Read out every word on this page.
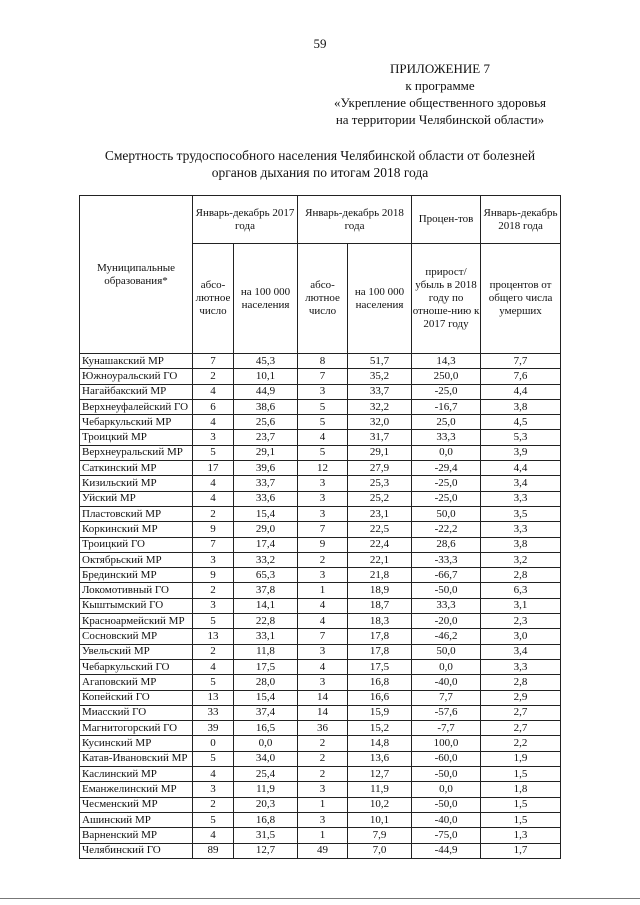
59
ПРИЛОЖЕНИЕ 7
к программе
«Укрепление общественного здоровья
на территории Челябинской области»
Смертность трудоспособного населения Челябинской области от болезней
органов дыхания по итогам 2018 года
Муниципальные образования*	Январь-декабрь 2017 года		Январь-декабрь 2018 года		Процен-тов	Январь-декабрь 2018 года
	абсо-лютное число	на 100 000 населения	абсо-лютное число	на 100 000 населения	прирост/ убыль в 2018 году по отноше-нию к 2017 году	процентов от общего числа умерших
Кунашакский МР	7	45,3	8	51,7	14,3	7,7
Южноуральский ГО	2	10,1	7	35,2	250,0	7,6
Нагайбакский МР	4	44,9	3	33,7	-25,0	4,4
Верхнеуфалейский ГО	6	38,6	5	32,2	-16,7	3,8
Чебаркульский МР	4	25,6	5	32,0	25,0	4,5
Троицкий МР	3	23,7	4	31,7	33,3	5,3
Верхнеуральский МР	5	29,1	5	29,1	0,0	3,9
Саткинский МР	17	39,6	12	27,9	-29,4	4,4
Кизильский МР	4	33,7	3	25,3	-25,0	3,4
Уйский МР	4	33,6	3	25,2	-25,0	3,3
Пластовский МР	2	15,4	3	23,1	50,0	3,5
Коркинский МР	9	29,0	7	22,5	-22,2	3,3
Троицкий ГО	7	17,4	9	22,4	28,6	3,8
Октябрьский МР	3	33,2	2	22,1	-33,3	3,2
Брединский МР	9	65,3	3	21,8	-66,7	2,8
Локомотивный ГО	2	37,8	1	18,9	-50,0	6,3
Кыштымский ГО	3	14,1	4	18,7	33,3	3,1
Красноармейский МР	5	22,8	4	18,3	-20,0	2,3
Сосновский МР	13	33,1	7	17,8	-46,2	3,0
Увельский МР	2	11,8	3	17,8	50,0	3,4
Чебаркульский ГО	4	17,5	4	17,5	0,0	3,3
Агаповский МР	5	28,0	3	16,8	-40,0	2,8
Копейский ГО	13	15,4	14	16,6	7,7	2,9
Миасский ГО	33	37,4	14	15,9	-57,6	2,7
Магнитогорский ГО	39	16,5	36	15,2	-7,7	2,7
Кусинский МР	0	0,0	2	14,8	100,0	2,2
Катав-Ивановский МР	5	34,0	2	13,6	-60,0	1,9
Каслинский МР	4	25,4	2	12,7	-50,0	1,5
Еманжелинский МР	3	11,9	3	11,9	0,0	1,8
Чесменский МР	2	20,3	1	10,2	-50,0	1,5
Ашинский МР	5	16,8	3	10,1	-40,0	1,5
Варненский МР	4	31,5	1	7,9	-75,0	1,3
Челябинский ГО	89	12,7	49	7,0	-44,9	1,7
